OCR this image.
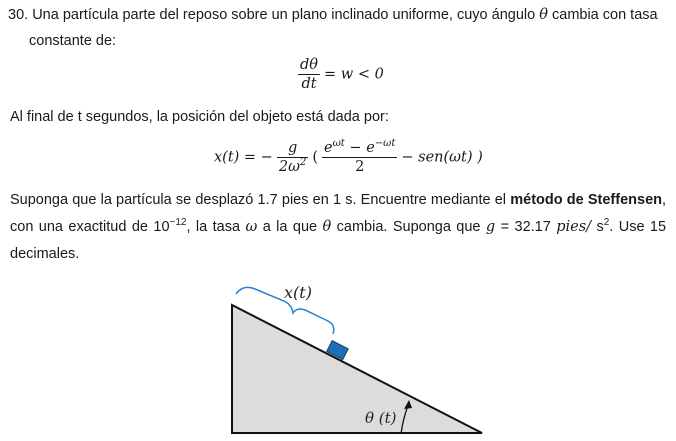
30. Una partícula parte del reposo sobre un plano inclinado uniforme, cuyo ángulo θ cambia con tasa
constante de:
$\frac{d\theta}{dt} = w < 0$
Al final de t segundos, la posición del objeto está dada por:
x(t) = − $\frac{g}{2\omega^2}$ ( $\frac{e^{\omega t} - e^{-\omega t}}{2} - sen(\omega t)$ )
Suponga que la partícula se desplazó 1.7 pies en 1 s. Encuentre mediante el método de Steffensen, con una exactitud de $10^{-12}$, la tasa ω a la que θ cambia. Suponga que g = 32.17 pies/ $s^2$. Use 15 decimales.
x(t)
θ (t)
